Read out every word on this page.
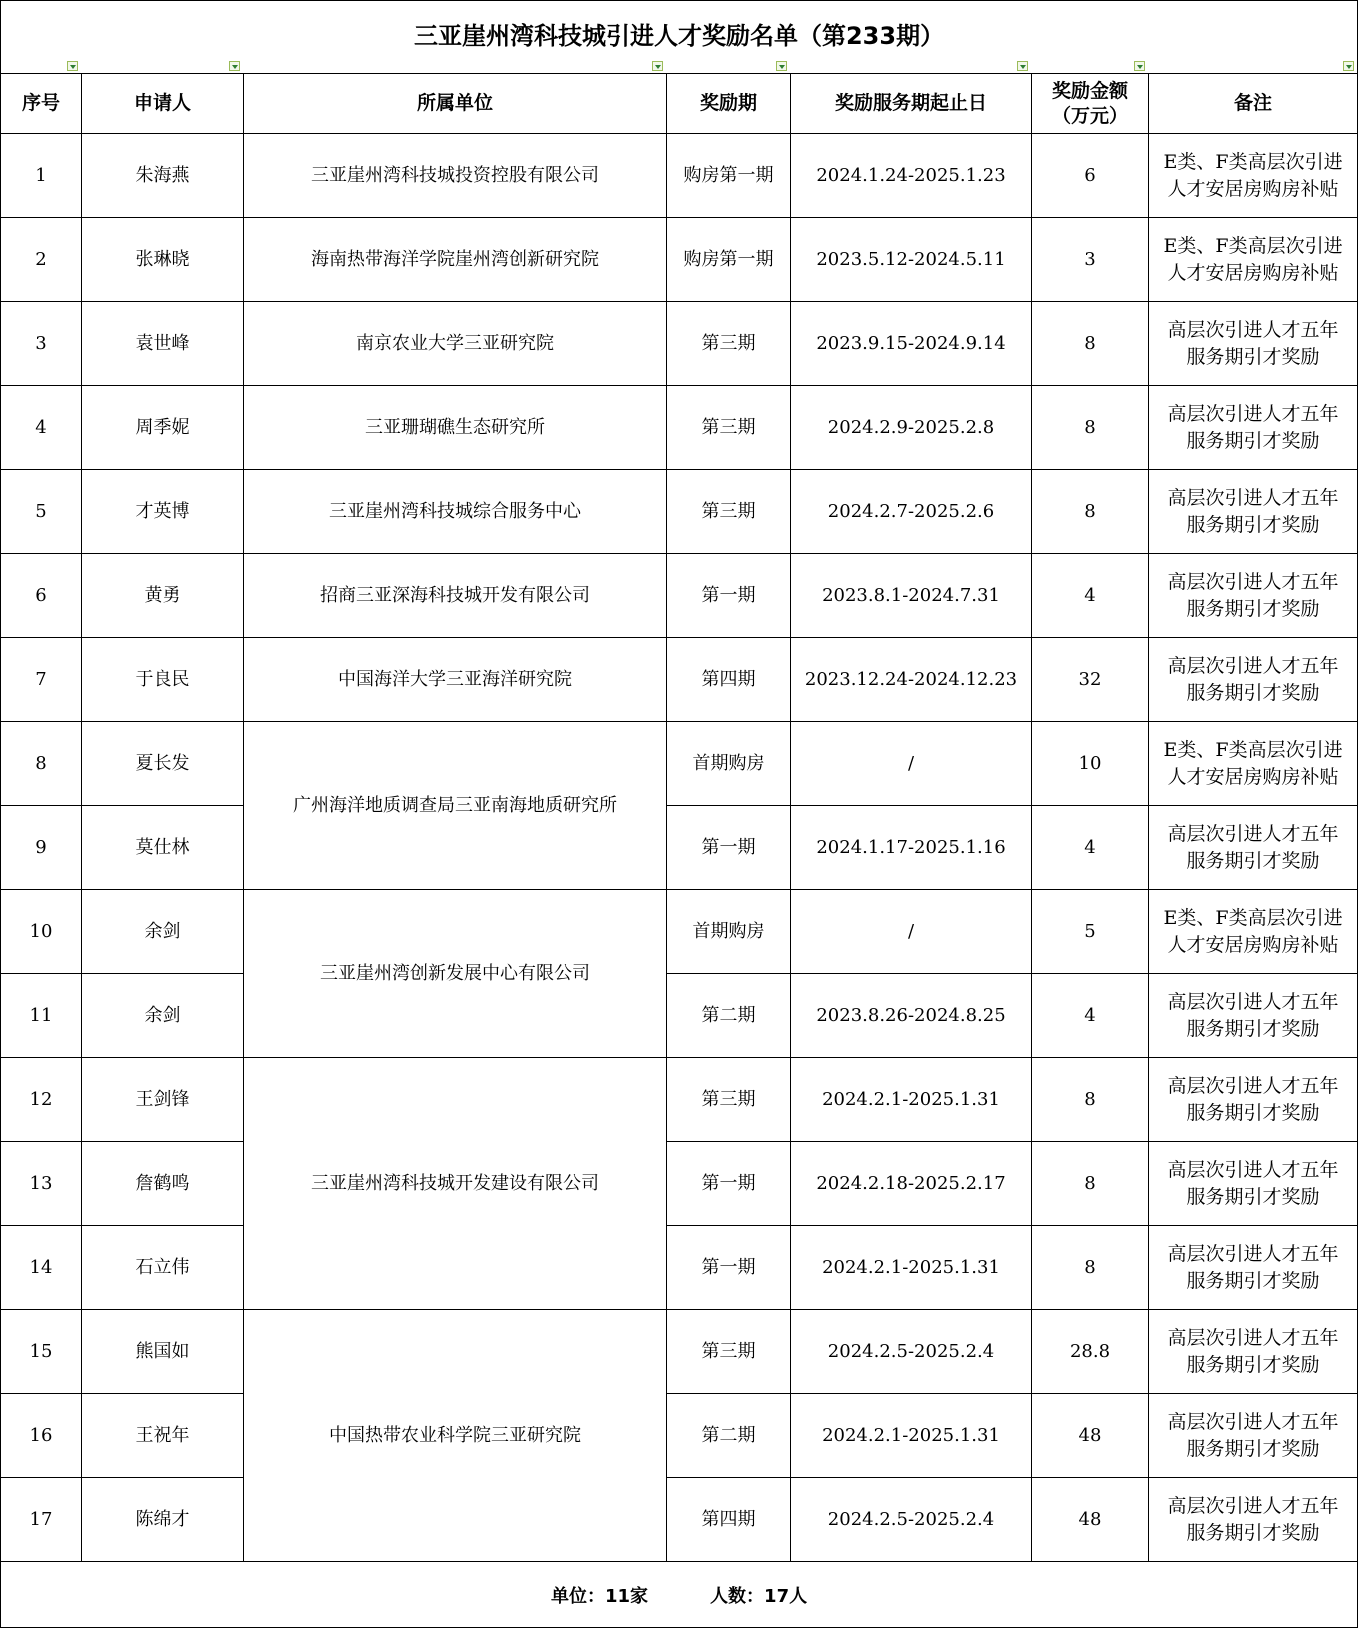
三亚崖州湾科技城引进人才奖励名单（第233期）						
序号	申请人	所属单位	奖励期	奖励服务期起止日	奖励金额
（万元）	备注
1	朱海燕	三亚崖州湾科技城投资控股有限公司	购房第一期	2024.1.24-2025.1.23	6	E类、F类高层次引进
人才安居房购房补贴
2	张琳晓	海南热带海洋学院崖州湾创新研究院	购房第一期	2023.5.12-2024.5.11	3	E类、F类高层次引进
人才安居房购房补贴
3	袁世峰	南京农业大学三亚研究院	第三期	2023.9.15-2024.9.14	8	高层次引进人才五年
服务期引才奖励
4	周季妮	三亚珊瑚礁生态研究所	第三期	2024.2.9-2025.2.8	8	高层次引进人才五年
服务期引才奖励
5	才英博	三亚崖州湾科技城综合服务中心	第三期	2024.2.7-2025.2.6	8	高层次引进人才五年
服务期引才奖励
6	黄勇	招商三亚深海科技城开发有限公司	第一期	2023.8.1-2024.7.31	4	高层次引进人才五年
服务期引才奖励
7	于良民	中国海洋大学三亚海洋研究院	第四期	2023.12.24-2024.12.23	32	高层次引进人才五年
服务期引才奖励
8	夏长发	广州海洋地质调查局三亚南海地质研究所	首期购房	/	10	E类、F类高层次引进
人才安居房购房补贴
9	莫仕林		第一期	2024.1.17-2025.1.16	4	高层次引进人才五年
服务期引才奖励
10	余剑	三亚崖州湾创新发展中心有限公司	首期购房	/	5	E类、F类高层次引进
人才安居房购房补贴
11	余剑		第二期	2023.8.26-2024.8.25	4	高层次引进人才五年
服务期引才奖励
12	王剑锋	三亚崖州湾科技城开发建设有限公司	第三期	2024.2.1-2025.1.31	8	高层次引进人才五年
服务期引才奖励
13	詹鹤鸣		第一期	2024.2.18-2025.2.17	8	高层次引进人才五年
服务期引才奖励
14	石立伟		第一期	2024.2.1-2025.1.31	8	高层次引进人才五年
服务期引才奖励
15	熊国如	中国热带农业科学院三亚研究院	第三期	2024.2.5-2025.2.4	28.8	高层次引进人才五年
服务期引才奖励
16	王祝年		第二期	2024.2.1-2025.1.31	48	高层次引进人才五年
服务期引才奖励
17	陈绵才		第四期	2024.2.5-2025.2.4	48	高层次引进人才五年
服务期引才奖励
单位：11家 人数：17人						
